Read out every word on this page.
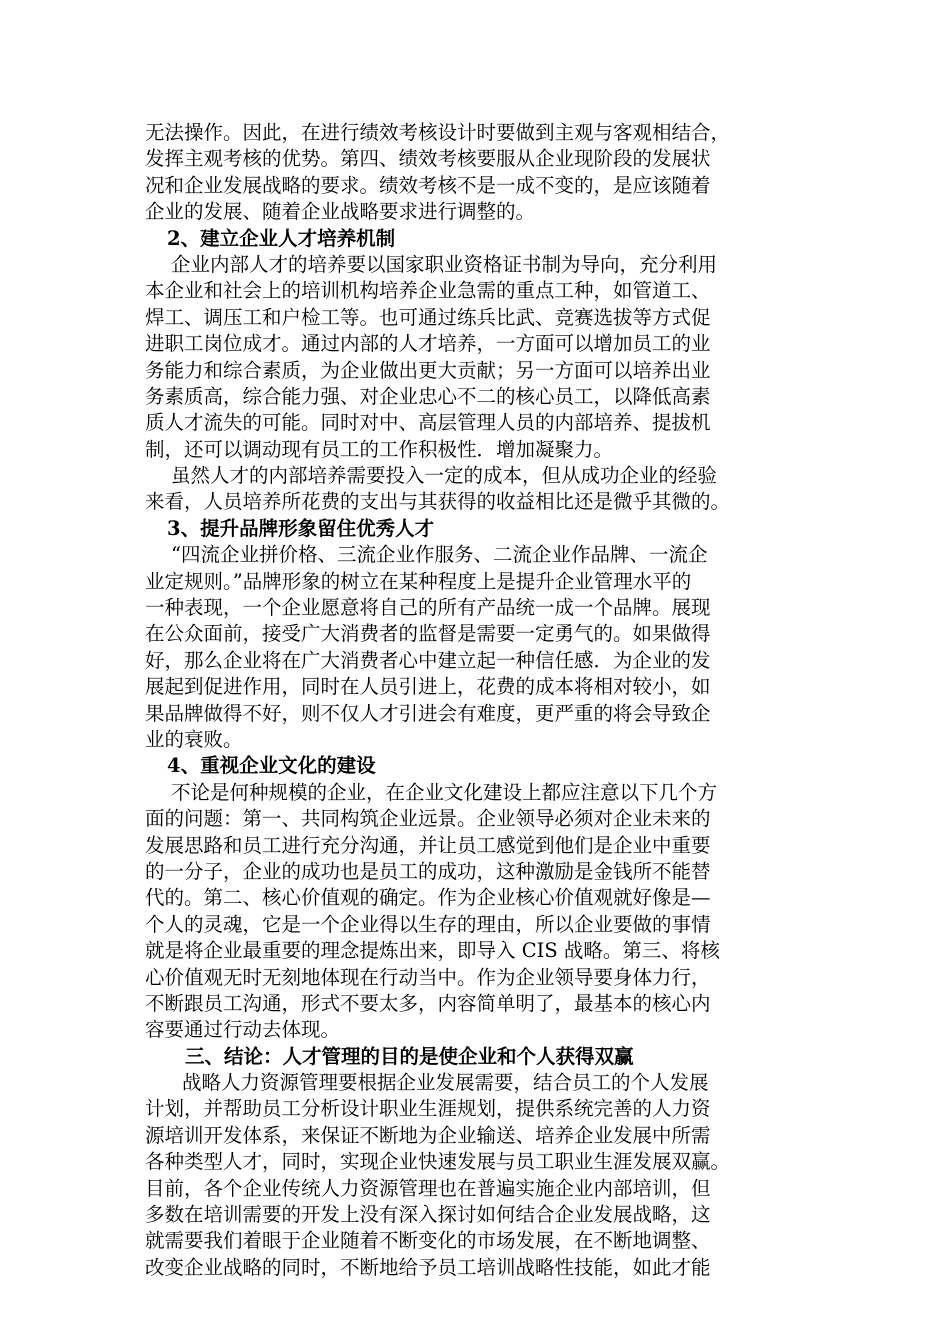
无法操作。因此，在进行绩效考核设计时要做到主观与客观相结合，
发挥主观考核的优势。第四、绩效考核要服从企业现阶段的发展状
况和企业发展战略的要求。绩效考核不是一成不变的，是应该随着
企业的发展、随着企业战略要求进行调整的。
2、建立企业人才培养机制
企业内部人才的培养要以国家职业资格证书制为导向，充分利用
本企业和社会上的培训机构培养企业急需的重点工种，如管道工、
焊工、调压工和户检工等。也可通过练兵比武、竞赛选拔等方式促
进职工岗位成才。通过内部的人才培养，一方面可以增加员工的业
务能力和综合素质，为企业做出更大贡献；另一方面可以培养出业
务素质高，综合能力强、对企业忠心不二的核心员工，以降低高素
质人才流失的可能。同时对中、高层管理人员的内部培养、提拔机
制，还可以调动现有员工的工作积极性．增加凝聚力。
虽然人才的内部培养需要投入一定的成本，但从成功企业的经验
来看，人员培养所花费的支出与其获得的收益相比还是微乎其微的。
3、提升品牌形象留住优秀人才
“四流企业拼价格、三流企业作服务、二流企业作品牌、一流企
业定规则。”品牌形象的树立在某种程度上是提升企业管理水平的
一种表现，一个企业愿意将自己的所有产品统一成一个品牌。展现
在公众面前，接受广大消费者的监督是需要一定勇气的。如果做得
好，那么企业将在广大消费者心中建立起一种信任感．为企业的发
展起到促进作用，同时在人员引进上，花费的成本将相对较小，如
果品牌做得不好，则不仅人才引进会有难度，更严重的将会导致企
业的衰败。
4、重视企业文化的建设
不论是何种规模的企业，在企业文化建设上都应注意以下几个方
面的问题：第一、共同构筑企业远景。企业领导必须对企业未来的
发展思路和员工进行充分沟通，并让员工感觉到他们是企业中重要
的一分子，企业的成功也是员工的成功，这种激励是金钱所不能替
代的。第二、核心价值观的确定。作为企业核心价值观就好像是—
个人的灵魂，它是一个企业得以生存的理由，所以企业要做的事情
就是将企业最重要的理念提炼出来，即导入 CIS 战略。第三、将核
心价值观无时无刻地体现在行动当中。作为企业领导要身体力行，
不断跟员工沟通，形式不要太多，内容简单明了，最基本的核心内
容要通过行动去体现。
三、结论：人才管理的目的是使企业和个人获得双赢
战略人力资源管理要根据企业发展需要，结合员工的个人发展
计划，并帮助员工分析设计职业生涯规划，提供系统完善的人力资
源培训开发体系，来保证不断地为企业输送、培养企业发展中所需
各种类型人才，同时，实现企业快速发展与员工职业生涯发展双赢。
目前，各个企业传统人力资源管理也在普遍实施企业内部培训，但
多数在培训需要的开发上没有深入探讨如何结合企业发展战略，这
就需要我们着眼于企业随着不断变化的市场发展，在不断地调整、
改变企业战略的同时，不断地给予员工培训战略性技能，如此才能
